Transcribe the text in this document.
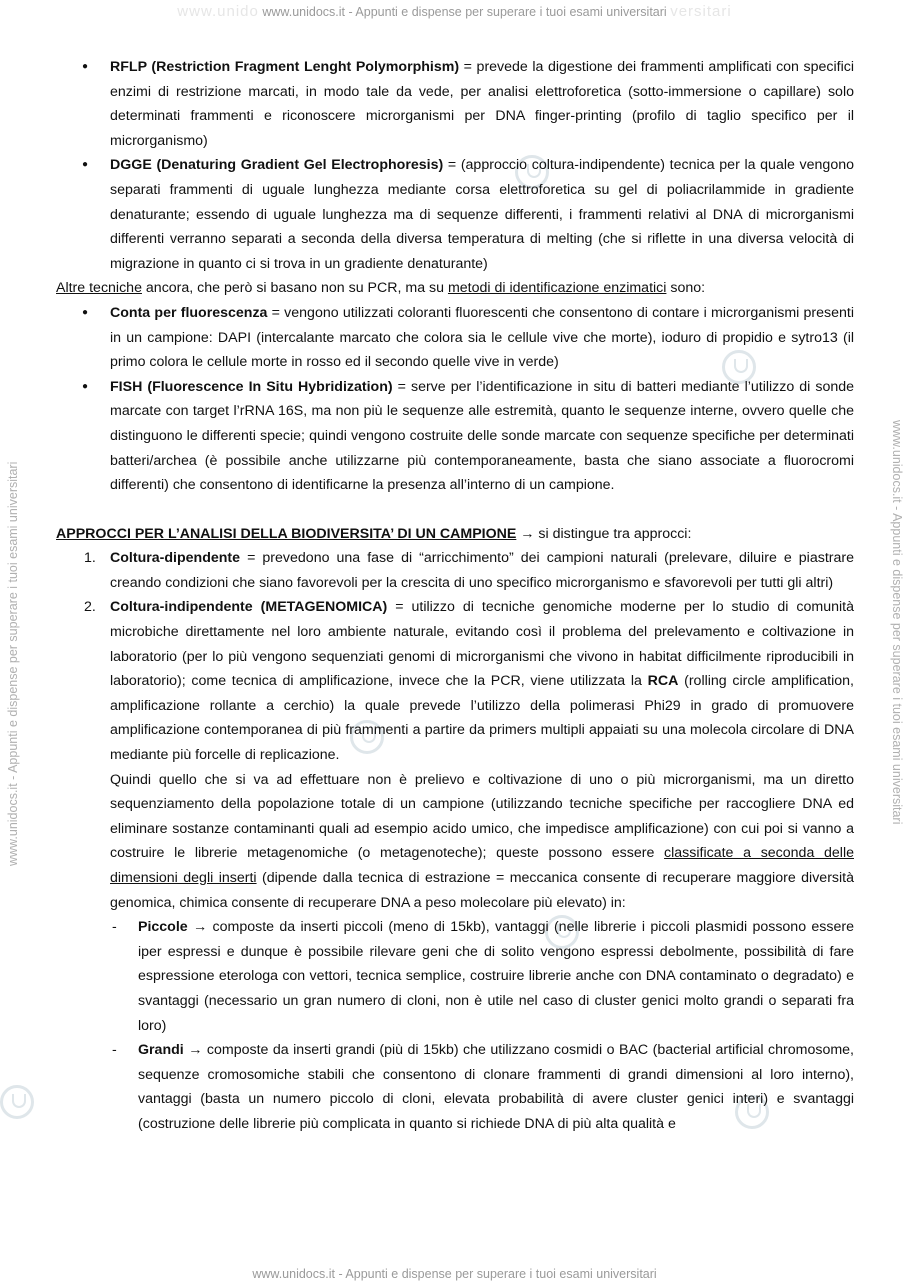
www.unido www.unidocs.it - Appunti e dispense per superare i tuoi esami universitari versitari
www.unidocs.it - Appunti e dispense per superare i tuoi esami universitari	www.unidocs.it - Appunti e dispense per superare i tuoi esami universitari
www.unidocs.it - Appunti e dispense per superare i tuoi esami universitari
● RFLP (Restriction Fragment Lenght Polymorphism) = prevede la digestione dei frammenti amplificati con specifici enzimi di restrizione marcati, in modo tale da vede, per analisi elettroforetica (sotto-immersione o capillare) solo determinati frammenti e riconoscere microrganismi per DNA finger-printing (profilo di taglio specifico per il microrganismo)
● DGGE (Denaturing Gradient Gel Electrophoresis) = (approccio coltura-indipendente) tecnica per la quale vengono separati frammenti di uguale lunghezza mediante corsa elettroforetica su gel di poliacrilammide in gradiente denaturante; essendo di uguale lunghezza ma di sequenze differenti, i frammenti relativi al DNA di microrganismi differenti verranno separati a seconda della diversa temperatura di melting (che si riflette in una diversa velocità di migrazione in quanto ci si trova in un gradiente denaturante)

Altre tecniche ancora, che però si basano non su PCR, ma su metodi di identificazione enzimatici sono:

● Conta per fluorescenza = vengono utilizzati coloranti fluorescenti che consentono di contare i microrganismi presenti in un campione: DAPI (intercalante marcato che colora sia le cellule vive che morte), ioduro di propidio e sytro13 (il primo colora le cellule morte in rosso ed il secondo quelle vive in verde)
● FISH (Fluorescence In Situ Hybridization) = serve per l’identificazione in situ di batteri mediante l’utilizzo di sonde marcate con target l’rRNA 16S, ma non più le sequenze alle estremità, quanto le sequenze interne, ovvero quelle che distinguono le differenti specie; quindi vengono costruite delle sonde marcate con sequenze specifiche per determinati batteri/archea (è possibile anche utilizzarne più contemporaneamente, basta che siano associate a fluorocromi differenti) che consentono di identificarne la presenza all’interno di un campione.

APPROCCI PER L’ANALISI DELLA BIODIVERSITA’ DI UN CAMPIONE → si distingue tra approcci:

1. Coltura-dipendente = prevedono una fase di “arricchimento” dei campioni naturali (prelevare, diluire e piastrare creando condizioni che siano favorevoli per la crescita di uno specifico microrganismo e sfavorevoli per tutti gli altri)
2. Coltura-indipendente (METAGENOMICA) = utilizzo di tecniche genomiche moderne per lo studio di comunità microbiche direttamente nel loro ambiente naturale, evitando così il problema del prelevamento e coltivazione in laboratorio (per lo più vengono sequenziati genomi di microrganismi che vivono in habitat difficilmente riproducibili in laboratorio); come tecnica di amplificazione, invece che la PCR, viene utilizzata la RCA (rolling circle amplification, amplificazione rollante a cerchio) la quale prevede l’utilizzo della polimerasi Phi29 in grado di promuovere amplificazione contemporanea di più frammenti a partire da primers multipli appaiati su una molecola circolare di DNA mediante più forcelle di replicazione.

Quindi quello che si va ad effettuare non è prelievo e coltivazione di uno o più microrganismi, ma un diretto sequenziamento della popolazione totale di un campione (utilizzando tecniche specifiche per raccogliere DNA ed eliminare sostanze contaminanti quali ad esempio acido umico, che impedisce amplificazione) con cui poi si vanno a costruire le librerie metagenomiche (o metagenoteche); queste possono essere classificate a seconda delle dimensioni degli inserti (dipende dalla tecnica di estrazione = meccanica consente di recuperare maggiore diversità genomica, chimica consente di recuperare DNA a peso molecolare più elevato) in:

- Piccole → composte da inserti piccoli (meno di 15kb), vantaggi (nelle librerie i piccoli plasmidi possono essere iper espressi e dunque è possibile rilevare geni che di solito vengono espressi debolmente, possibilità di fare espressione eterologa con vettori, tecnica semplice, costruire librerie anche con DNA contaminato o degradato) e svantaggi (necessario un gran numero di cloni, non è utile nel caso di cluster genici molto grandi o separati fra loro)
- Grandi → composte da inserti grandi (più di 15kb) che utilizzano cosmidi o BAC (bacterial artificial chromosome, sequenze cromosomiche stabili che consentono di clonare frammenti di grandi dimensioni al loro interno), vantaggi (basta un numero piccolo di cloni, elevata probabilità di avere cluster genici interi) e svantaggi (costruzione delle librerie più complicata in quanto si richiede DNA di più alta qualità e
